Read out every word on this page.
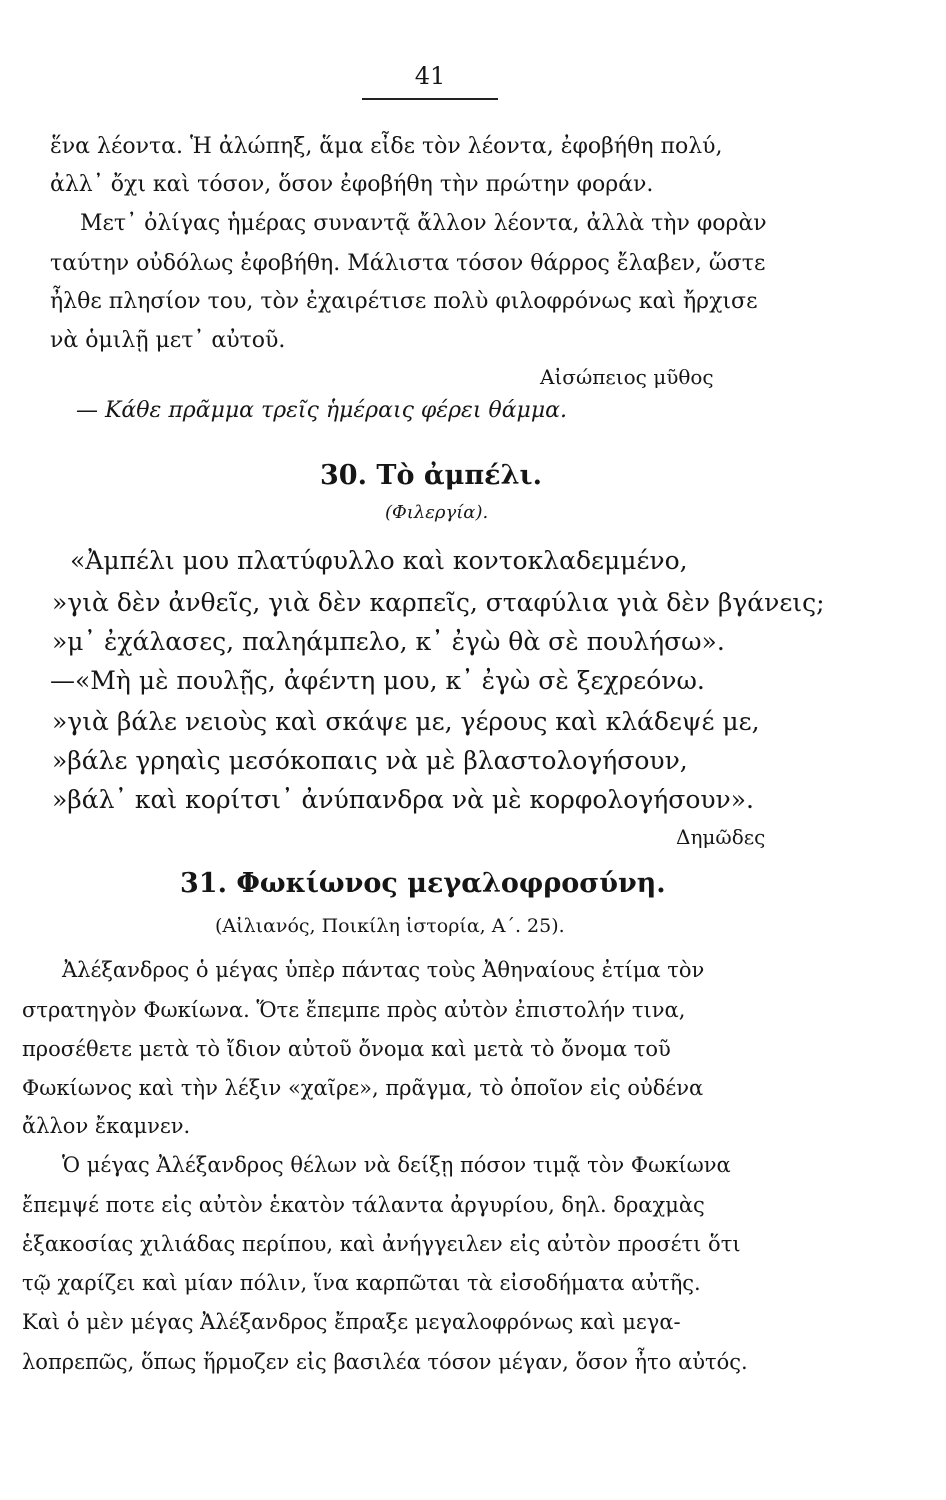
41
ἕνα λέοντα. Ἡ ἀλώπηξ, ἅμα εἶδε τὸν λέοντα, ἐφοβήθη πολύ,
ἀλλ᾽ ὄχι καὶ τόσον, ὅσον ἐφοβήθη τὴν πρώτην φοράν.
Μετ᾽ ὀλίγας ἡμέρας συναντᾷ ἄλλον λέοντα, ἀλλὰ τὴν φορὰν
ταύτην οὐδόλως ἐφοβήθη. Μάλιστα τόσον θάρρος ἔλαβεν, ὥστε
ἦλθε πλησίον του, τὸν ἐχαιρέτισε πολὺ φιλοφρόνως καὶ ἤρχισε
νὰ ὁμιλῇ μετ᾽ αὐτοῦ.
Αἰσώπειος μῦθος
— Κάθε πρᾶμμα τρεῖς ἡμέραις φέρει θάμμα.
30. Τὸ ἀμπέλι.
(Φιλεργία).
«Ἀμπέλι μου πλατύφυλλο καὶ κοντοκλαδεμμένο,
»γιὰ δὲν ἀνθεῖς, γιὰ δὲν καρπεῖς, σταφύλια γιὰ δὲν βγάνεις;
»μ᾽ ἐχάλασες, παληάμπελο, κ᾽ ἐγὼ θὰ σὲ πουλήσω».
—«Μὴ μὲ πουλῇς, ἀφέντη μου, κ᾽ ἐγὼ σὲ ξεχρεόνω.
»γιὰ βάλε νειοὺς καὶ σκάψε με, γέρους καὶ κλάδεψέ με,
»βάλε γρηαὶς μεσόκοπαις νὰ μὲ βλαστολογήσουν,
»βάλ᾽ καὶ κορίτσι᾽ ἀνύπανδρα νὰ μὲ κορφολογήσουν».
Δημῶδες
31. Φωκίωνος μεγαλοφροσύνη.
(Αἰλιανός, Ποικίλη ἱστορία, Α΄. 25).
Ἀλέξανδρος ὁ μέγας ὑπὲρ πάντας τοὺς Ἀθηναίους ἐτίμα τὸν
στρατηγὸν Φωκίωνα. Ὅτε ἔπεμπε πρὸς αὐτὸν ἐπιστολήν τινα,
προσέθετε μετὰ τὸ ἴδιον αὐτοῦ ὄνομα καὶ μετὰ τὸ ὄνομα τοῦ
Φωκίωνος καὶ τὴν λέξιν «χαῖρε», πρᾶγμα, τὸ ὁποῖον εἰς οὐδένα
ἄλλον ἔκαμνεν.
Ὁ μέγας Ἀλέξανδρος θέλων νὰ δείξῃ πόσον τιμᾷ τὸν Φωκίωνα
ἔπεμψέ ποτε εἰς αὐτὸν ἑκατὸν τάλαντα ἀργυρίου, δηλ. δραχμὰς
ἑξακοσίας χιλιάδας περίπου, καὶ ἀνήγγειλεν εἰς αὐτὸν προσέτι ὅτι
τῷ χαρίζει καὶ μίαν πόλιν, ἵνα καρπῶται τὰ εἰσοδήματα αὐτῆς.
Καὶ ὁ μὲν μέγας Ἀλέξανδρος ἔπραξε μεγαλοφρόνως καὶ μεγα-
λοπρεπῶς, ὅπως ἥρμοζεν εἰς βασιλέα τόσον μέγαν, ὅσον ἦτο αὐτός.
